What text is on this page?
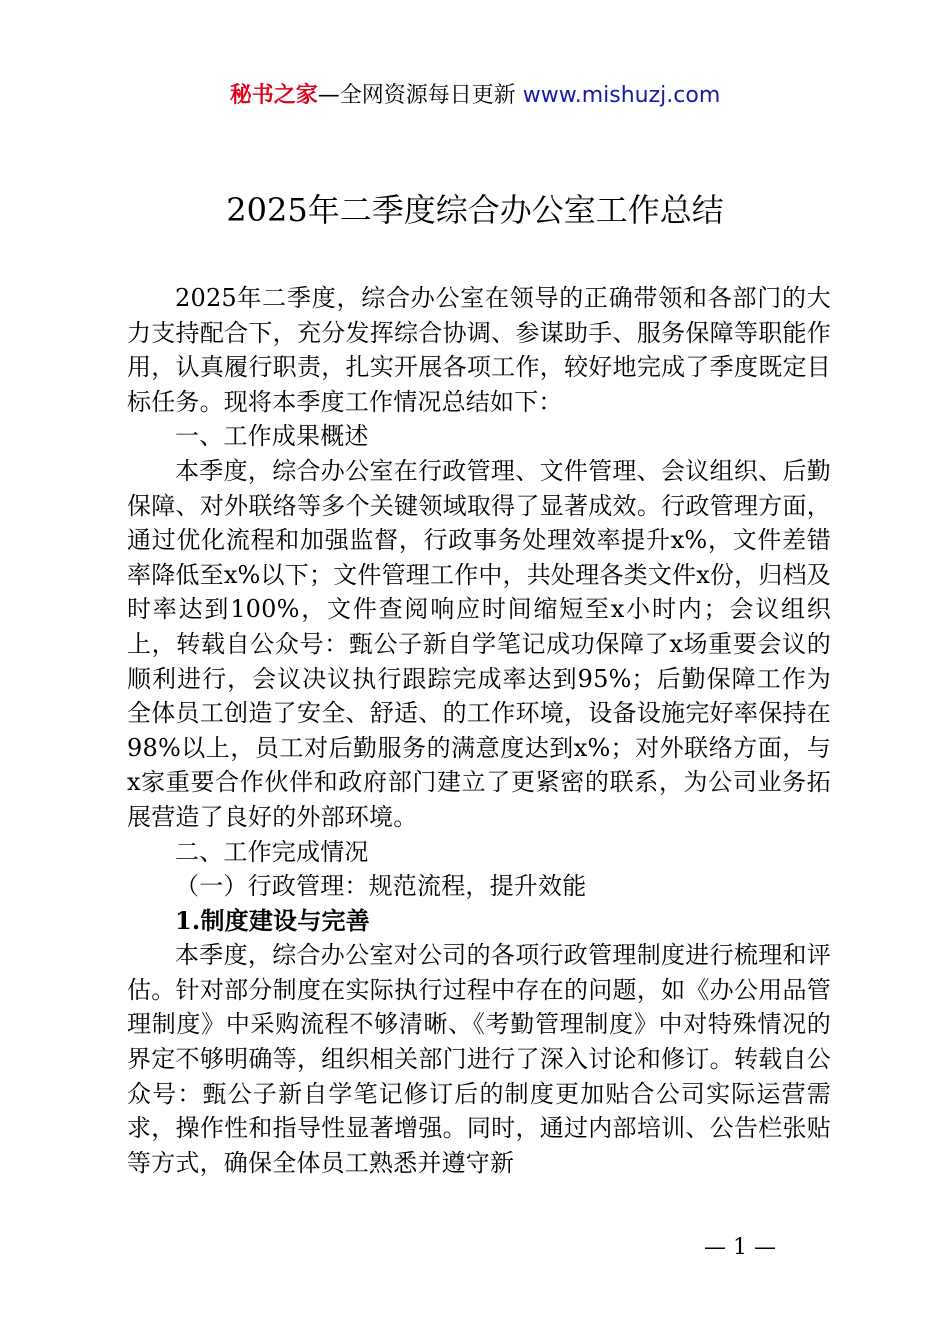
秘书之家—全网资源每日更新 www.mishuzj.com
2025年二季度综合办公室工作总结

2025年二季度，综合办公室在领导的正确带领和各部门的大力支持配合下，充分发挥综合协调、参谋助手、服务保障等职能作用，认真履行职责，扎实开展各项工作，较好地完成了季度既定目标任务。现将本季度工作情况总结如下：

一、工作成果概述

本季度，综合办公室在行政管理、文件管理、会议组织、后勤保障、对外联络等多个关键领域取得了显著成效。行政管理方面，通过优化流程和加强监督，行政事务处理效率提升x%，文件差错率降低至x%以下；文件管理工作中，共处理各类文件x份，归档及时率达到100%，文件查阅响应时间缩短至x小时内；会议组织上，转载自公众号：甄公子新自学笔记成功保障了x场重要会议的顺利进行，会议决议执行跟踪完成率达到95%；后勤保障工作为全体员工创造了安全、舒适、的工作环境，设备设施完好率保持在98%以上，员工对后勤服务的满意度达到x%；对外联络方面，与x家重要合作伙伴和政府部门建立了更紧密的联系，为公司业务拓展营造了良好的外部环境。

二、工作完成情况

（一）行政管理：规范流程，提升效能

1.制度建设与完善

本季度，综合办公室对公司的各项行政管理制度进行梳理和评估。针对部分制度在实际执行过程中存在的问题，如《办公用品管理制度》中采购流程不够清晰、《考勤管理制度》中对特殊情况的界定不够明确等，组织相关部门进行了深入讨论和修订。转载自公众号：甄公子新自学笔记修订后的制度更加贴合公司实际运营需求，操作性和指导性显著增强。同时，通过内部培训、公告栏张贴等方式，确保全体员工熟悉并遵守新

— 1 —
